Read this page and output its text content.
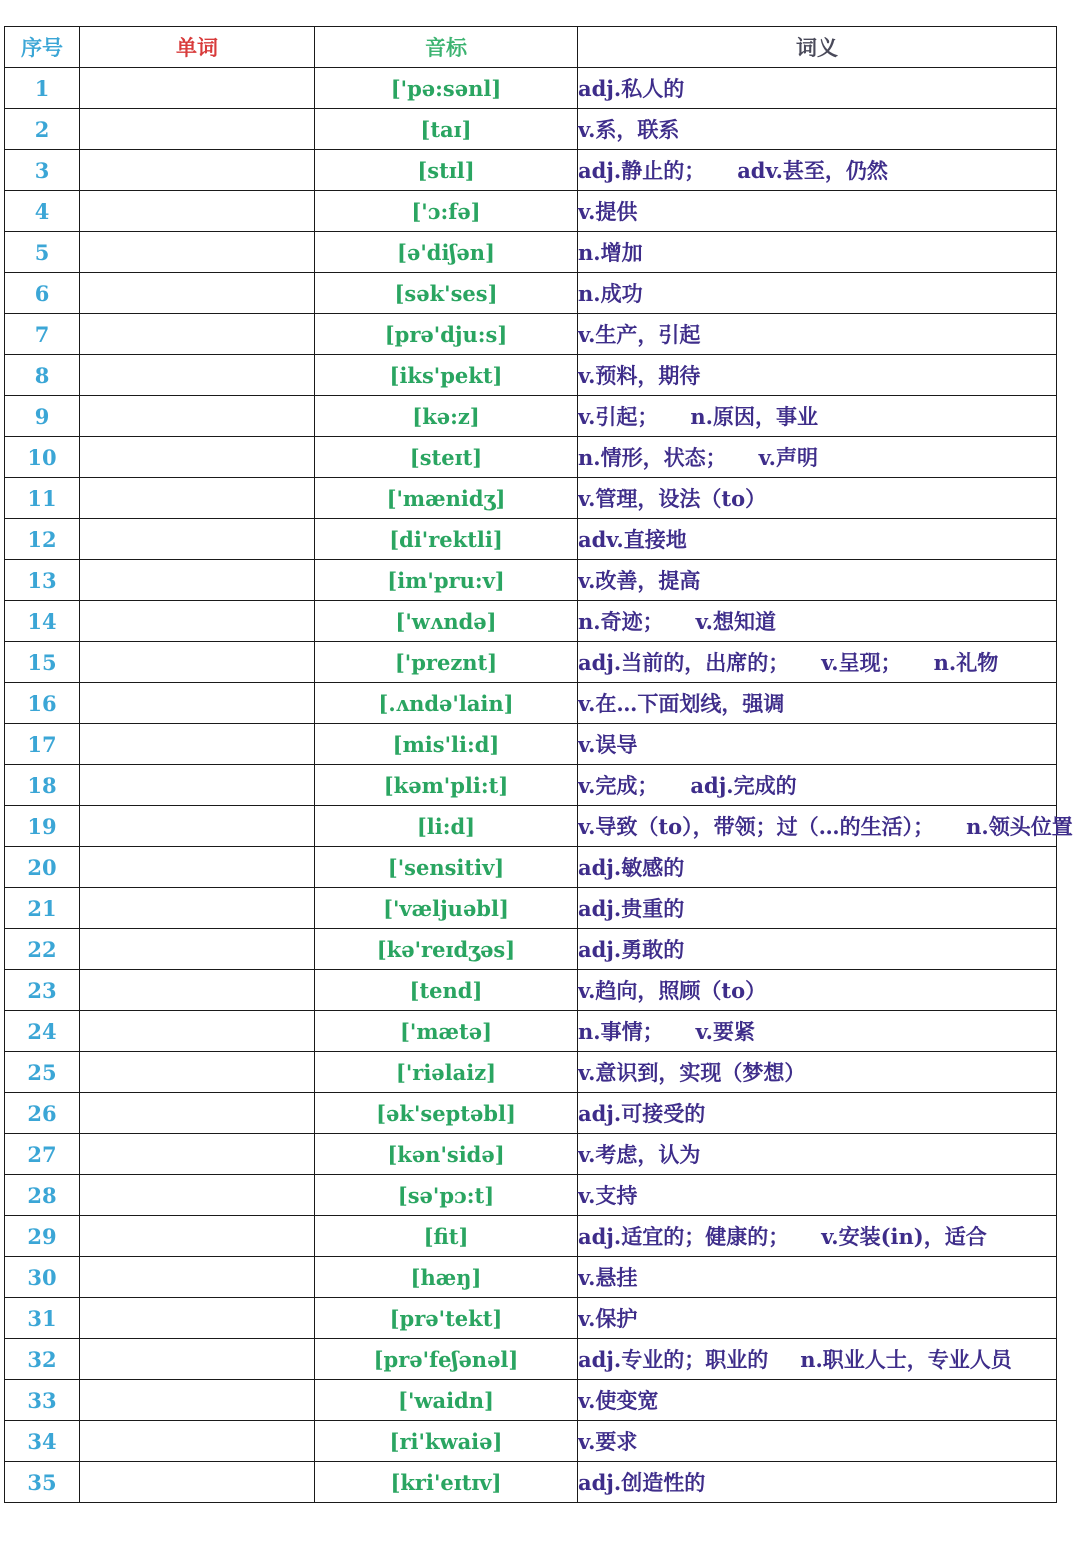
序号	单词	音标	词义
1		['pə:sənl]	adj.私人的
2		[taɪ]	v.系，联系
3		[stɪl]	adj.静止的； adv.甚至，仍然
4		['ɔ:fə]	v.提供
5		[ə'diʃən]	n.增加
6		[sək'ses]	n.成功
7		[prə'dju:s]	v.生产，引起
8		[iks'pekt]	v.预料，期待
9		[kə:z]	v.引起； n.原因，事业
10		[steɪt]	n.情形，状态； v.声明
11		['mænidʒ]	v.管理，设法（to）
12		[di'rektli]	adv.直接地
13		[im'pru:v]	v.改善，提高
14		['wʌndə]	n.奇迹； v.想知道
15		['preznt]	adj.当前的，出席的； v.呈现； n.礼物
16		[.ʌndə'lain]	v.在…下面划线，强调
17		[mis'li:d]	v.误导
18		[kəm'pli:t]	v.完成； adj.完成的
19		[li:d]	v.导致（to），带领；过（…的生活）； n.领头位置
20		['sensitiv]	adj.敏感的
21		['væljuəbl]	adj.贵重的
22		[kə'reɪdʒəs]	adj.勇敢的
23		[tend]	v.趋向，照顾（to）
24		['mætə]	n.事情； v.要紧
25		['riəlaiz]	v.意识到，实现（梦想）
26		[ək'septəbl]	adj.可接受的
27		[kən'sidə]	v.考虑，认为
28		[sə'pɔ:t]	v.支持
29		[fit]	adj.适宜的；健康的； v.安装(in)，适合
30		[hæŋ]	v.悬挂
31		[prə'tekt]	v.保护
32		[prə'feʃənəl]	adj.专业的；职业的 n.职业人士，专业人员
33		['waidn]	v.使变宽
34		[ri'kwaiə]	v.要求
35		[kri'eɪtɪv]	adj.创造性的
